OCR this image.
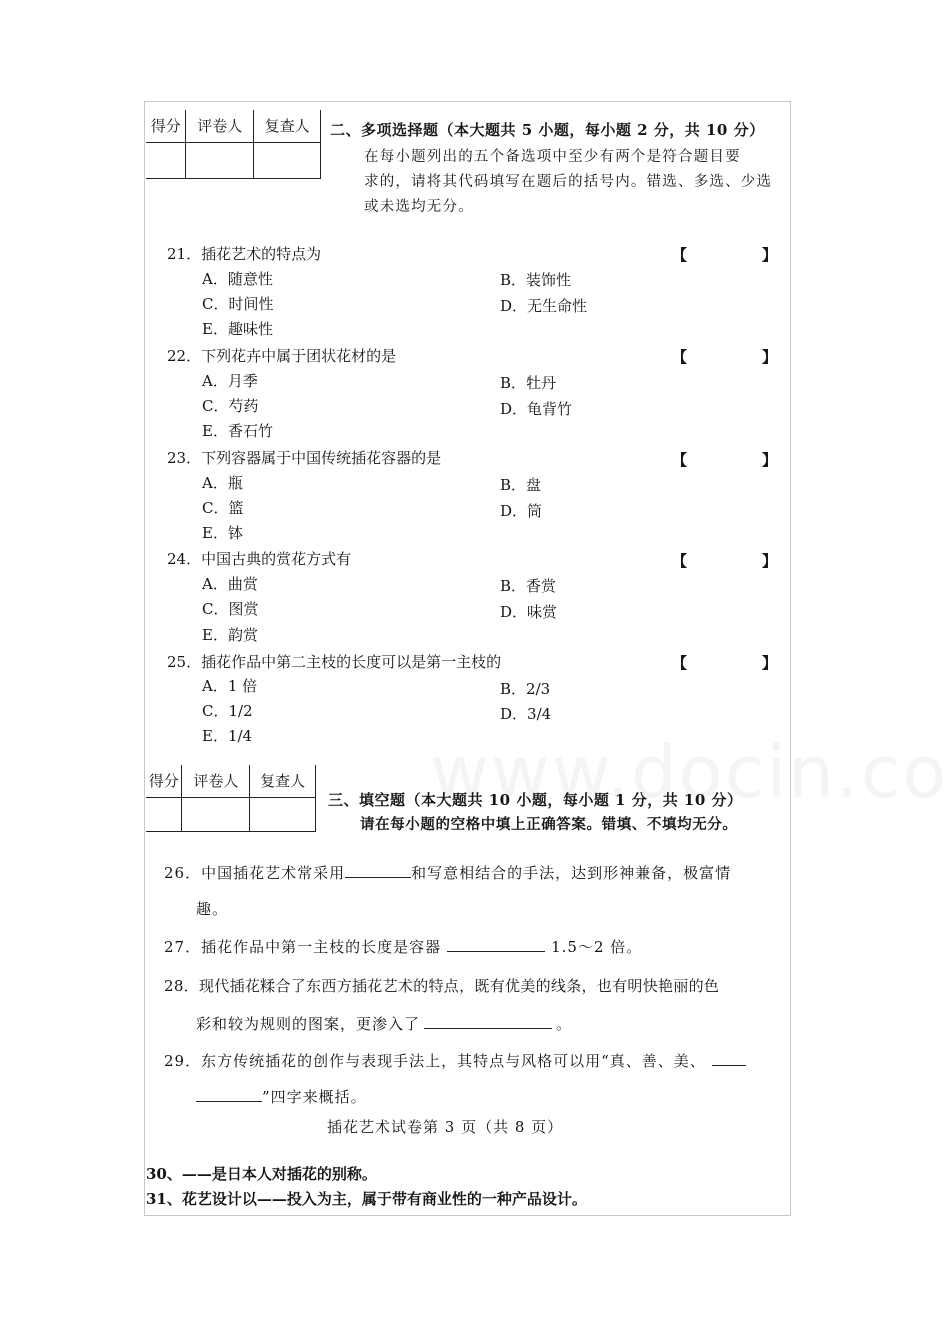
得分	评卷人	复查人
		二、多项选择题（本大题共 5 小题，每小题 2 分，共 10 分）
在每小题列出的五个备选项中至少有两个是符合题目要
求的，请将其代码填写在题后的括号内。错选、多选、少选
或未选均无分。
21．插花艺术的特点为	【	】
A．随意性	B．装饰性
C．时间性	D．无生命性
E．趣味性
22．下列花卉中属于团状花材的是	【	】
A．月季	B．牡丹
C．芍药	D．龟背竹
E．香石竹
23．下列容器属于中国传统插花容器的是	【	】
A．瓶	B．盘
C．篮	D．筒
E．钵
24．中国古典的赏花方式有	【	】
A．曲赏	B．香赏
C．图赏	D．味赏
E．韵赏
25．插花作品中第二主枝的长度可以是第一主枝的	【	】
A．1 倍	B．2/3
C．1/2	D．3/4
E．1/4
得分	评卷人	复查人

三、填空题（本大题共 10 小题，每小题 1 分，共 10 分）
请在每小题的空格中填上正确答案。错填、不填均无分。
26．中国插花艺术常采用	和写意相结合的手法，达到形神兼备，极富情
趣。
27．插花作品中第一主枝的长度是容器	1.5～2 倍。
28．现代插花糅合了东西方插花艺术的特点，既有优美的线条，也有明快艳丽的色
彩和较为规则的图案，更渗入了	。
29．东方传统插花的创作与表现手法上，其特点与风格可以用“真、善、美、
”四字来概括。
插花艺术试卷第 3 页（共 8 页）
30、——是日本人对插花的别称。
31、花艺设计以——投入为主，属于带有商业性的一种产品设计。
